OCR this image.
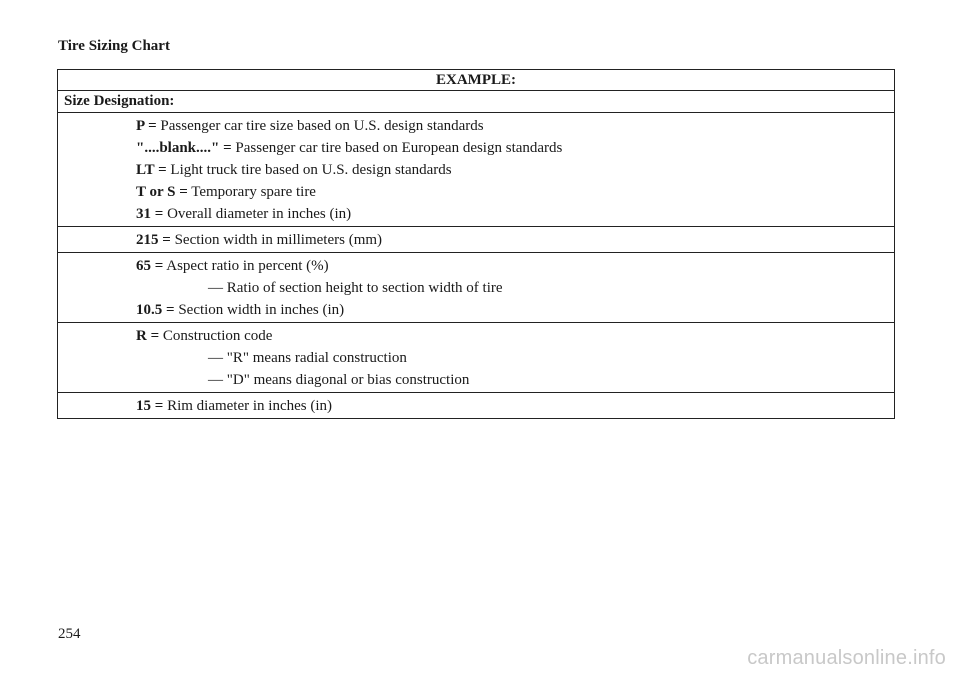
Tire Sizing Chart
EXAMPLE:
Size Designation:
P = Passenger car tire size based on U.S. design standards
"....blank...." = Passenger car tire based on European design standards
LT = Light truck tire based on U.S. design standards
T or S = Temporary spare tire
31 = Overall diameter in inches (in)
215 = Section width in millimeters (mm)
65 = Aspect ratio in percent (%)
— Ratio of section height to section width of tire
10.5 = Section width in inches (in)
R = Construction code
— "R" means radial construction
— "D" means diagonal or bias construction
15 = Rim diameter in inches (in)
254
carmanualsonline.info
